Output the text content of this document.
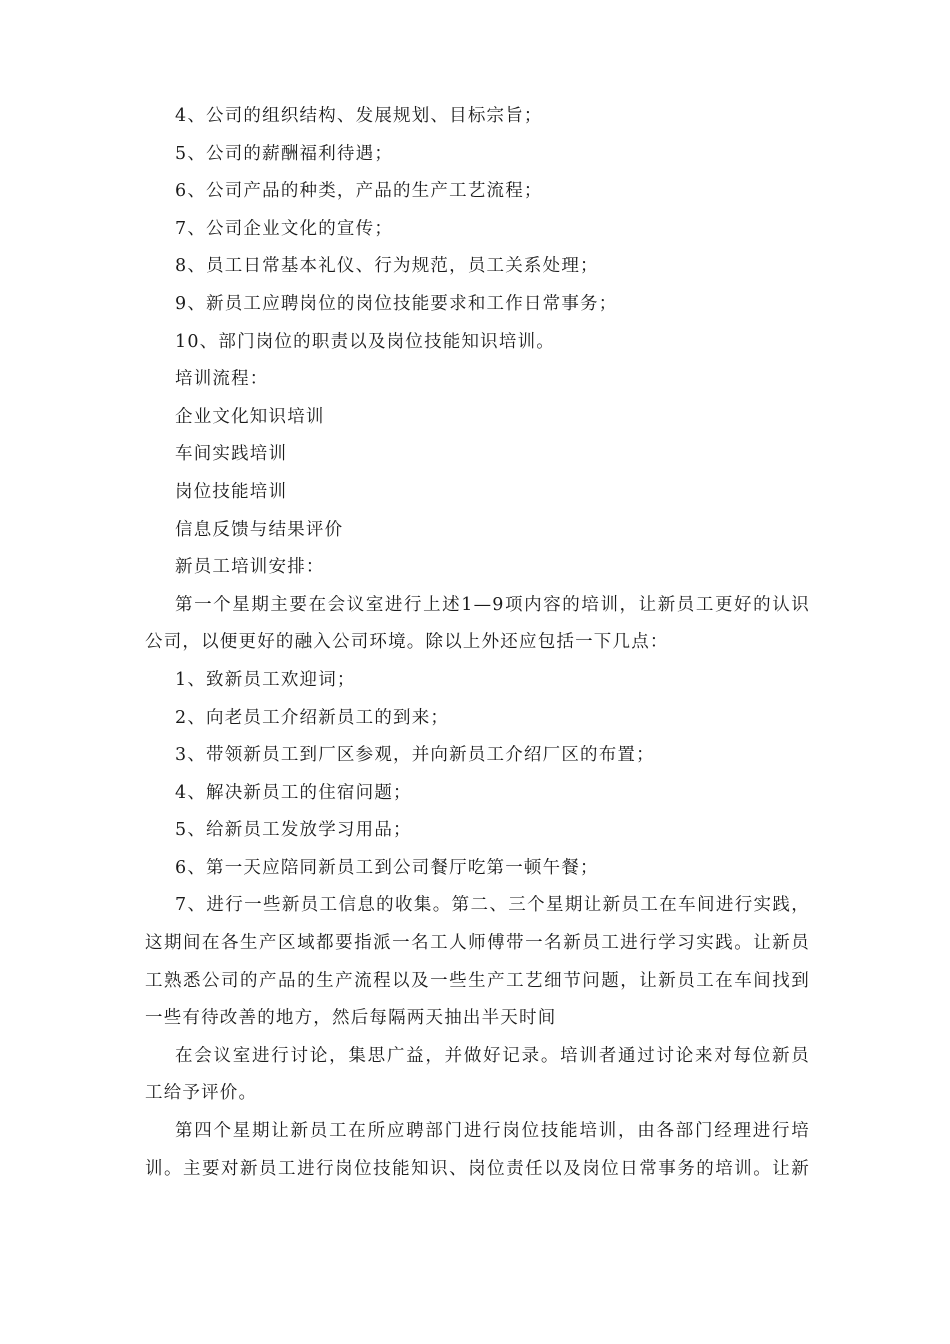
4、公司的组织结构、发展规划、目标宗旨；

5、公司的薪酬福利待遇；

6、公司产品的种类，产品的生产工艺流程；

7、公司企业文化的宣传；

8、员工日常基本礼仪、行为规范，员工关系处理；

9、新员工应聘岗位的岗位技能要求和工作日常事务；

10、部门岗位的职责以及岗位技能知识培训。

培训流程：

企业文化知识培训

车间实践培训

岗位技能培训

信息反馈与结果评价

新员工培训安排：

第一个星期主要在会议室进行上述1—9项内容的培训，让新员工更好的认识

公司，以便更好的融入公司环境。除以上外还应包括一下几点：

1、致新员工欢迎词；

2、向老员工介绍新员工的到来；

3、带领新员工到厂区参观，并向新员工介绍厂区的布置；

4、解决新员工的住宿问题；

5、给新员工发放学习用品；

6、第一天应陪同新员工到公司餐厅吃第一顿午餐；

7、进行一些新员工信息的收集。第二、三个星期让新员工在车间进行实践，

这期间在各生产区域都要指派一名工人师傅带一名新员工进行学习实践。让新员

工熟悉公司的产品的生产流程以及一些生产工艺细节问题，让新员工在车间找到

一些有待改善的地方，然后每隔两天抽出半天时间

在会议室进行讨论，集思广益，并做好记录。培训者通过讨论来对每位新员

工给予评价。

第四个星期让新员工在所应聘部门进行岗位技能培训，由各部门经理进行培

训。主要对新员工进行岗位技能知识、岗位责任以及岗位日常事务的培训。让新
